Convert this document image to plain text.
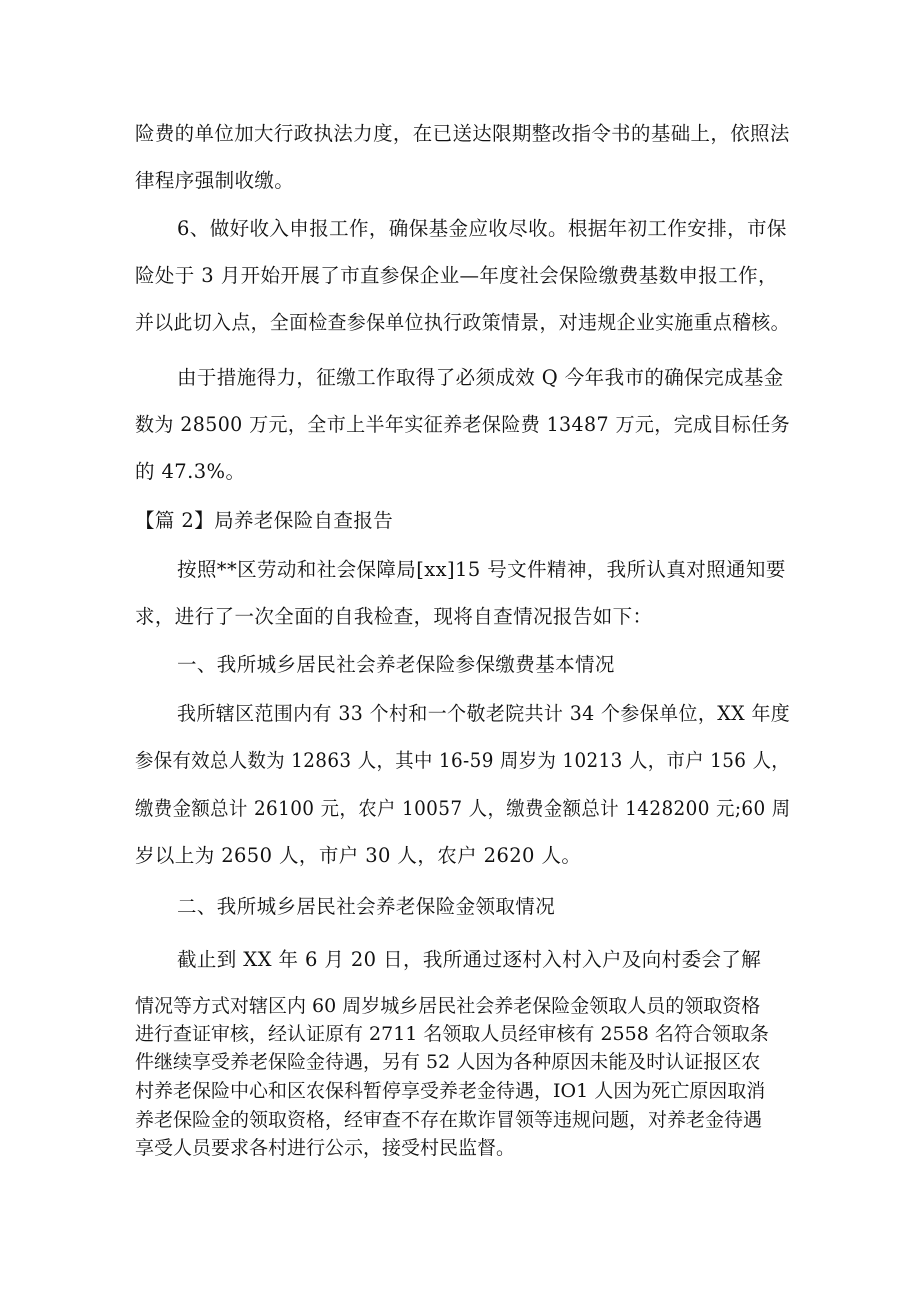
险费的单位加大行政执法力度，在已送达限期整改指令书的基础上，依照法
律程序强制收缴。
6、做好收入申报工作，确保基金应收尽收。根据年初工作安排，市保
险处于 3 月开始开展了市直参保企业—年度社会保险缴费基数申报工作，
并以此切入点，全面检查参保单位执行政策情景，对违规企业实施重点稽核。
由于措施得力，征缴工作取得了必须成效 Q 今年我市的确保完成基金
数为 28500 万元，全市上半年实征养老保险费 13487 万元，完成目标任务
的 47.3%。
【篇 2】局养老保险自查报告
按照**区劳动和社会保障局[xx]15 号文件精神，我所认真对照通知要
求，进行了一次全面的自我检查，现将自查情况报告如下：
一、我所城乡居民社会养老保险参保缴费基本情况
我所辖区范围内有 33 个村和一个敬老院共计 34 个参保单位，XX 年度
参保有效总人数为 12863 人，其中 16-59 周岁为 10213 人，市户 156 人，
缴费金额总计 26100 元，农户 10057 人，缴费金额总计 1428200 元;60 周
岁以上为 2650 人，市户 30 人，农户 2620 人。
二、我所城乡居民社会养老保险金领取情况
截止到 XX 年 6 月 20 日，我所通过逐村入村入户及向村委会了解
情况等方式对辖区内 60 周岁城乡居民社会养老保险金领取人员的领取资格
进行查证审核，经认证原有 2711 名领取人员经审核有 2558 名符合领取条
件继续享受养老保险金待遇，另有 52 人因为各种原因未能及时认证报区农
村养老保险中心和区农保科暂停享受养老金待遇，IO1 人因为死亡原因取消
养老保险金的领取资格，经审查不存在欺诈冒领等违规问题，对养老金待遇
享受人员要求各村进行公示，接受村民监督。
